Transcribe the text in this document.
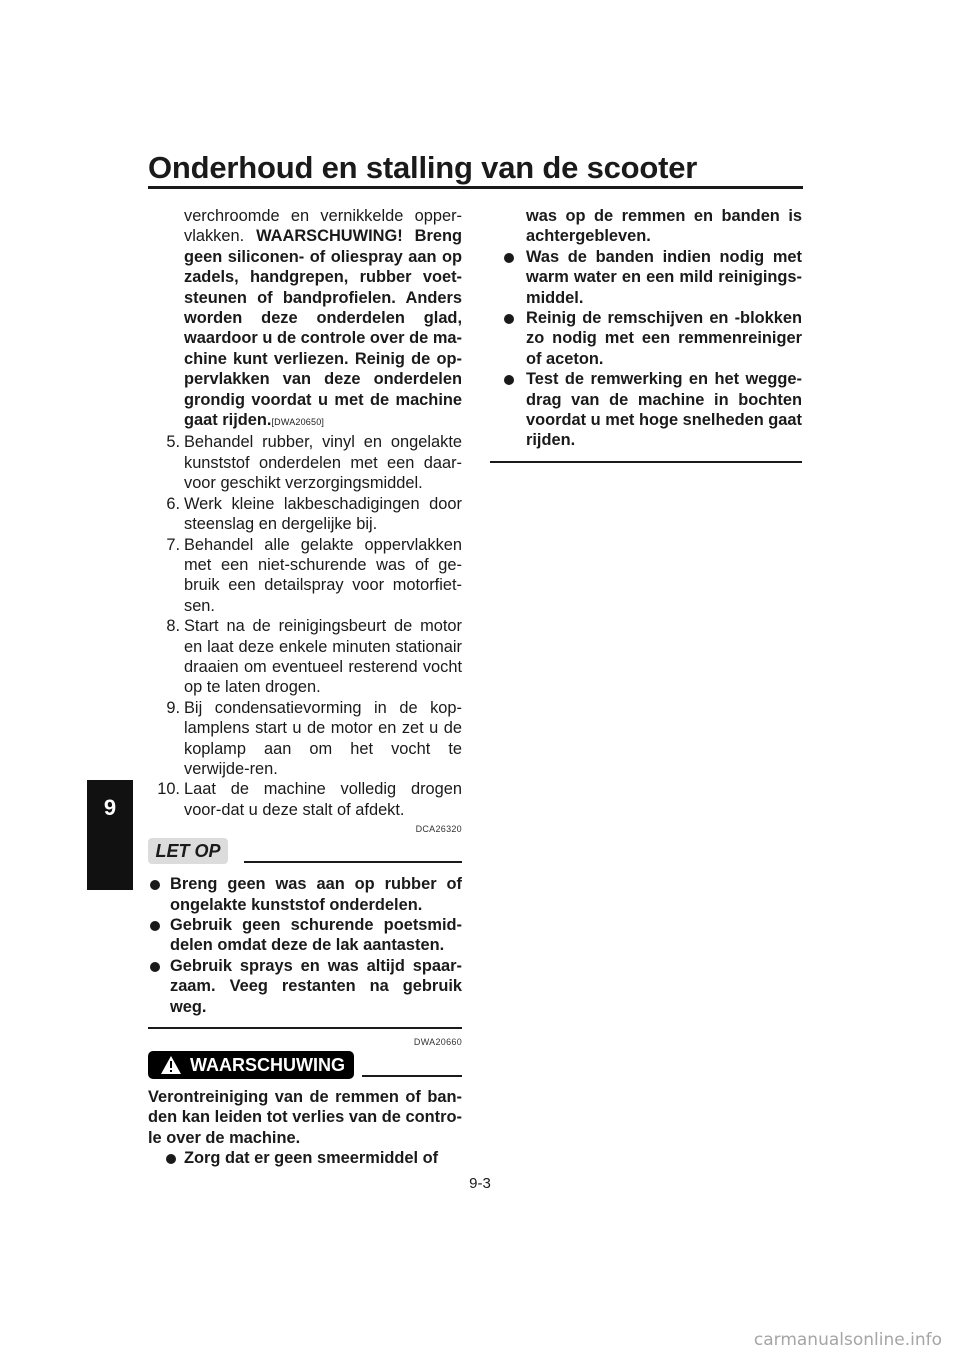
Onderhoud en stalling van de scooter
9
verchroomde en vernikkelde opper-vlakken. WAARSCHUWING! Breng geen siliconen- of oliespray aan op zadels, handgrepen, rubber voet-steunen of bandprofielen. Anders worden deze onderdelen glad, waardoor u de controle over de ma-chine kunt verliezen. Reinig de op-pervlakken van deze onderdelen grondig voordat u met de machine gaat rijden.[DWA20650]
5. Behandel rubber, vinyl en ongelakte kunststof onderdelen met een daar-voor geschikt verzorgingsmiddel.
6. Werk kleine lakbeschadigingen door steenslag en dergelijke bij.
7. Behandel alle gelakte oppervlakken met een niet-schurende was of ge-bruik een detailspray voor motorfiet-sen.
8. Start na de reinigingsbeurt de motor en laat deze enkele minuten stationair draaien om eventueel resterend vocht op te laten drogen.
9. Bij condensatievorming in de kop-lamplens start u de motor en zet u de koplamp aan om het vocht te verwijde-ren.
10. Laat de machine volledig drogen voor-dat u deze stalt of afdekt.
DCA26320
LET OP
Breng geen was aan op rubber of ongelakte kunststof onderdelen.
Gebruik geen schurende poetsmid-delen omdat deze de lak aantasten.
Gebruik sprays en was altijd spaar-zaam. Veeg restanten na gebruik weg.
DWA20660
WAARSCHUWING
Verontreiniging van de remmen of ban-den kan leiden tot verlies van de contro-le over de machine.
Zorg dat er geen smeermiddel of
was op de remmen en banden is achtergebleven.
Was de banden indien nodig met warm water en een mild reinigings-middel.
Reinig de remschijven en -blokken zo nodig met een remmenreiniger of aceton.
Test de remwerking en het wegge-drag van de machine in bochten voordat u met hoge snelheden gaat rijden.
9-3
carmanualsonline.info
